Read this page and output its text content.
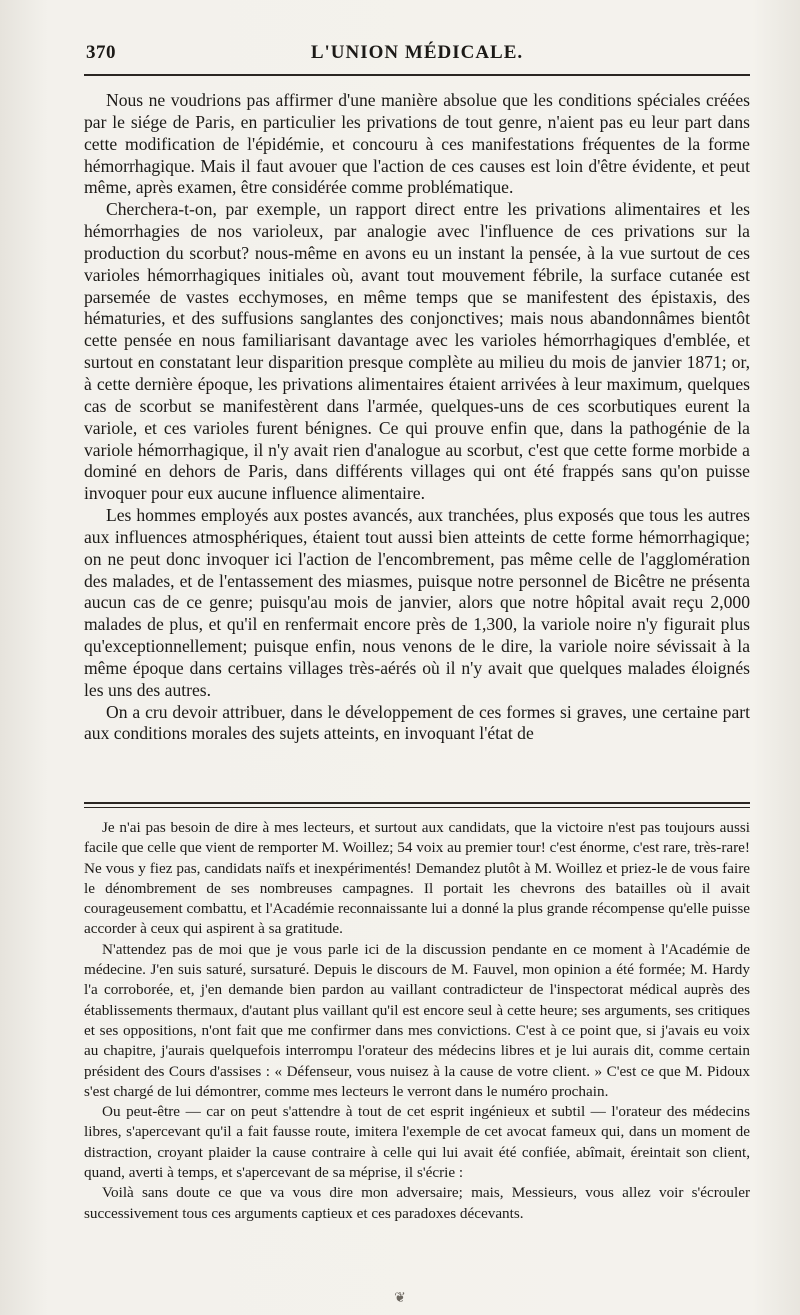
370	L'UNION MÉDICALE.

Nous ne voudrions pas affirmer d'une manière absolue que les conditions spéciales créées par le siége de Paris, en particulier les privations de tout genre, n'aient pas eu leur part dans cette modification de l'épidémie, et concouru à ces manifestations fréquentes de la forme hémorrhagique. Mais il faut avouer que l'action de ces causes est loin d'être évidente, et peut même, après examen, être considérée comme problématique.

Cherchera-t-on, par exemple, un rapport direct entre les privations alimentaires et les hémorrhagies de nos varioleux, par analogie avec l'influence de ces privations sur la production du scorbut? nous-même en avons eu un instant la pensée, à la vue surtout de ces varioles hémorrhagiques initiales où, avant tout mouvement fébrile, la surface cutanée est parsemée de vastes ecchymoses, en même temps que se manifestent des épistaxis, des hématuries, et des suffusions sanglantes des conjonctives; mais nous abandonnâmes bientôt cette pensée en nous familiarisant davantage avec les varioles hémorrhagiques d'emblée, et surtout en constatant leur disparition presque complète au milieu du mois de janvier 1871; or, à cette dernière époque, les privations alimentaires étaient arrivées à leur maximum, quelques cas de scorbut se manifestèrent dans l'armée, quelques-uns de ces scorbutiques eurent la variole, et ces varioles furent bénignes. Ce qui prouve enfin que, dans la pathogénie de la variole hémorrhagique, il n'y avait rien d'analogue au scorbut, c'est que cette forme morbide a dominé en dehors de Paris, dans différents villages qui ont été frappés sans qu'on puisse invoquer pour eux aucune influence alimentaire.

Les hommes employés aux postes avancés, aux tranchées, plus exposés que tous les autres aux influences atmosphériques, étaient tout aussi bien atteints de cette forme hémorrhagique; on ne peut donc invoquer ici l'action de l'encombrement, pas même celle de l'agglomération des malades, et de l'entassement des miasmes, puisque notre personnel de Bicêtre ne présenta aucun cas de ce genre; puisqu'au mois de janvier, alors que notre hôpital avait reçu 2,000 malades de plus, et qu'il en renfermait encore près de 1,300, la variole noire n'y figurait plus qu'exceptionnellement; puisque enfin, nous venons de le dire, la variole noire sévissait à la même époque dans certains villages très-aérés où il n'y avait que quelques malades éloignés les uns des autres.

On a cru devoir attribuer, dans le développement de ces formes si graves, une certaine part aux conditions morales des sujets atteints, en invoquant l'état de

Je n'ai pas besoin de dire à mes lecteurs, et surtout aux candidats, que la victoire n'est pas toujours aussi facile que celle que vient de remporter M. Woillez; 54 voix au premier tour! c'est énorme, c'est rare, très-rare! Ne vous y fiez pas, candidats naïfs et inexpérimentés! Demandez plutôt à M. Woillez et priez-le de vous faire le dénombrement de ses nombreuses campagnes. Il portait les chevrons des batailles où il avait courageusement combattu, et l'Académie reconnaissante lui a donné la plus grande récompense qu'elle puisse accorder à ceux qui aspirent à sa gratitude.

N'attendez pas de moi que je vous parle ici de la discussion pendante en ce moment à l'Académie de médecine. J'en suis saturé, sursaturé. Depuis le discours de M. Fauvel, mon opinion a été formée; M. Hardy l'a corroborée, et, j'en demande bien pardon au vaillant contradicteur de l'inspectorat médical auprès des établissements thermaux, d'autant plus vaillant qu'il est encore seul à cette heure; ses arguments, ses critiques et ses oppositions, n'ont fait que me confirmer dans mes convictions. C'est à ce point que, si j'avais eu voix au chapitre, j'aurais quelquefois interrompu l'orateur des médecins libres et je lui aurais dit, comme certain président des Cours d'assises : « Défenseur, vous nuisez à la cause de votre client. » C'est ce que M. Pidoux s'est chargé de lui démontrer, comme mes lecteurs le verront dans le numéro prochain.

Ou peut-être — car on peut s'attendre à tout de cet esprit ingénieux et subtil — l'orateur des médecins libres, s'apercevant qu'il a fait fausse route, imitera l'exemple de cet avocat fameux qui, dans un moment de distraction, croyant plaider la cause contraire à celle qui lui avait été confiée, abîmait, éreintait son client, quand, averti à temps, et s'apercevant de sa méprise, il s'écrie :

Voilà sans doute ce que va vous dire mon adversaire; mais, Messieurs, vous allez voir s'écrouler successivement tous ces arguments captieux et ces paradoxes décevants.

❦
